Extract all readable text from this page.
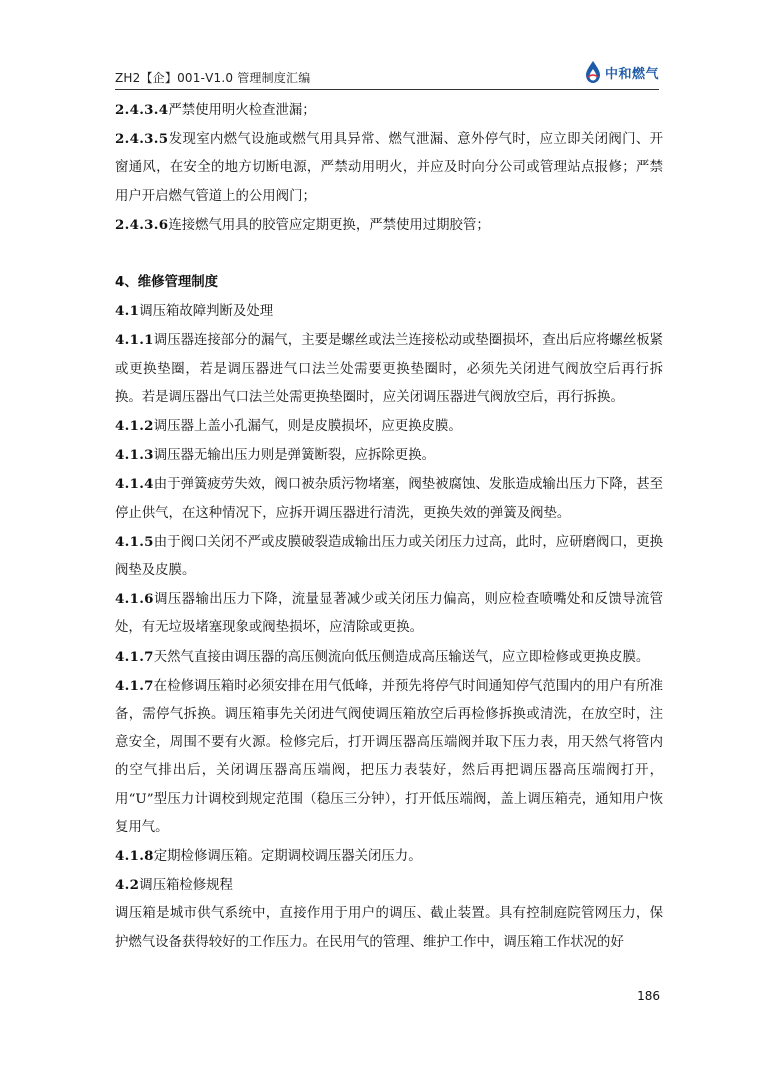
ZH2【企】001-V1.0 管理制度汇编	中和燃气

2.4.3.4严禁使用明火检查泄漏；

2.4.3.5发现室内燃气设施或燃气用具异常、燃气泄漏、意外停气时，应立即关闭阀门、开窗通风，在安全的地方切断电源，严禁动用明火，并应及时向分公司或管理站点报修；严禁用户开启燃气管道上的公用阀门；

2.4.3.6连接燃气用具的胶管应定期更换，严禁使用过期胶管；

4、维修管理制度

4.1调压箱故障判断及处理

4.1.1调压器连接部分的漏气，主要是螺丝或法兰连接松动或垫圈损坏，查出后应将螺丝板紧或更换垫圈，若是调压器进气口法兰处需要更换垫圈时，必须先关闭进气阀放空后再行拆换。若是调压器出气口法兰处需更换垫圈时，应关闭调压器进气阀放空后，再行拆换。

4.1.2调压器上盖小孔漏气，则是皮膜损坏，应更换皮膜。

4.1.3调压器无输出压力则是弹簧断裂，应拆除更换。

4.1.4由于弹簧疲劳失效，阀口被杂质污物堵塞，阀垫被腐蚀、发胀造成输出压力下降，甚至停止供气，在这种情况下，应拆开调压器进行清洗，更换失效的弹簧及阀垫。

4.1.5由于阀口关闭不严或皮膜破裂造成输出压力或关闭压力过高，此时，应研磨阀口，更换阀垫及皮膜。

4.1.6调压器输出压力下降，流量显著减少或关闭压力偏高，则应检查喷嘴处和反馈导流管处，有无垃圾堵塞现象或阀垫损坏，应清除或更换。

4.1.7天然气直接由调压器的高压侧流向低压侧造成高压输送气，应立即检修或更换皮膜。

4.1.7在检修调压箱时必须安排在用气低峰，并预先将停气时间通知停气范围内的用户有所准备，需停气拆换。调压箱事先关闭进气阀使调压箱放空后再检修拆换或清洗，在放空时，注意安全，周围不要有火源。检修完后，打开调压器高压端阀并取下压力表，用天然气将管内的空气排出后，关闭调压器高压端阀，把压力表装好，然后再把调压器高压端阀打开，用“U”型压力计调校到规定范围（稳压三分钟），打开低压端阀，盖上调压箱壳，通知用户恢复用气。

4.1.8定期检修调压箱。定期调校调压器关闭压力。

4.2调压箱检修规程

调压箱是城市供气系统中，直接作用于用户的调压、截止装置。具有控制庭院管网压力，保护燃气设备获得较好的工作压力。在民用气的管理、维护工作中，调压箱工作状况的好

186
